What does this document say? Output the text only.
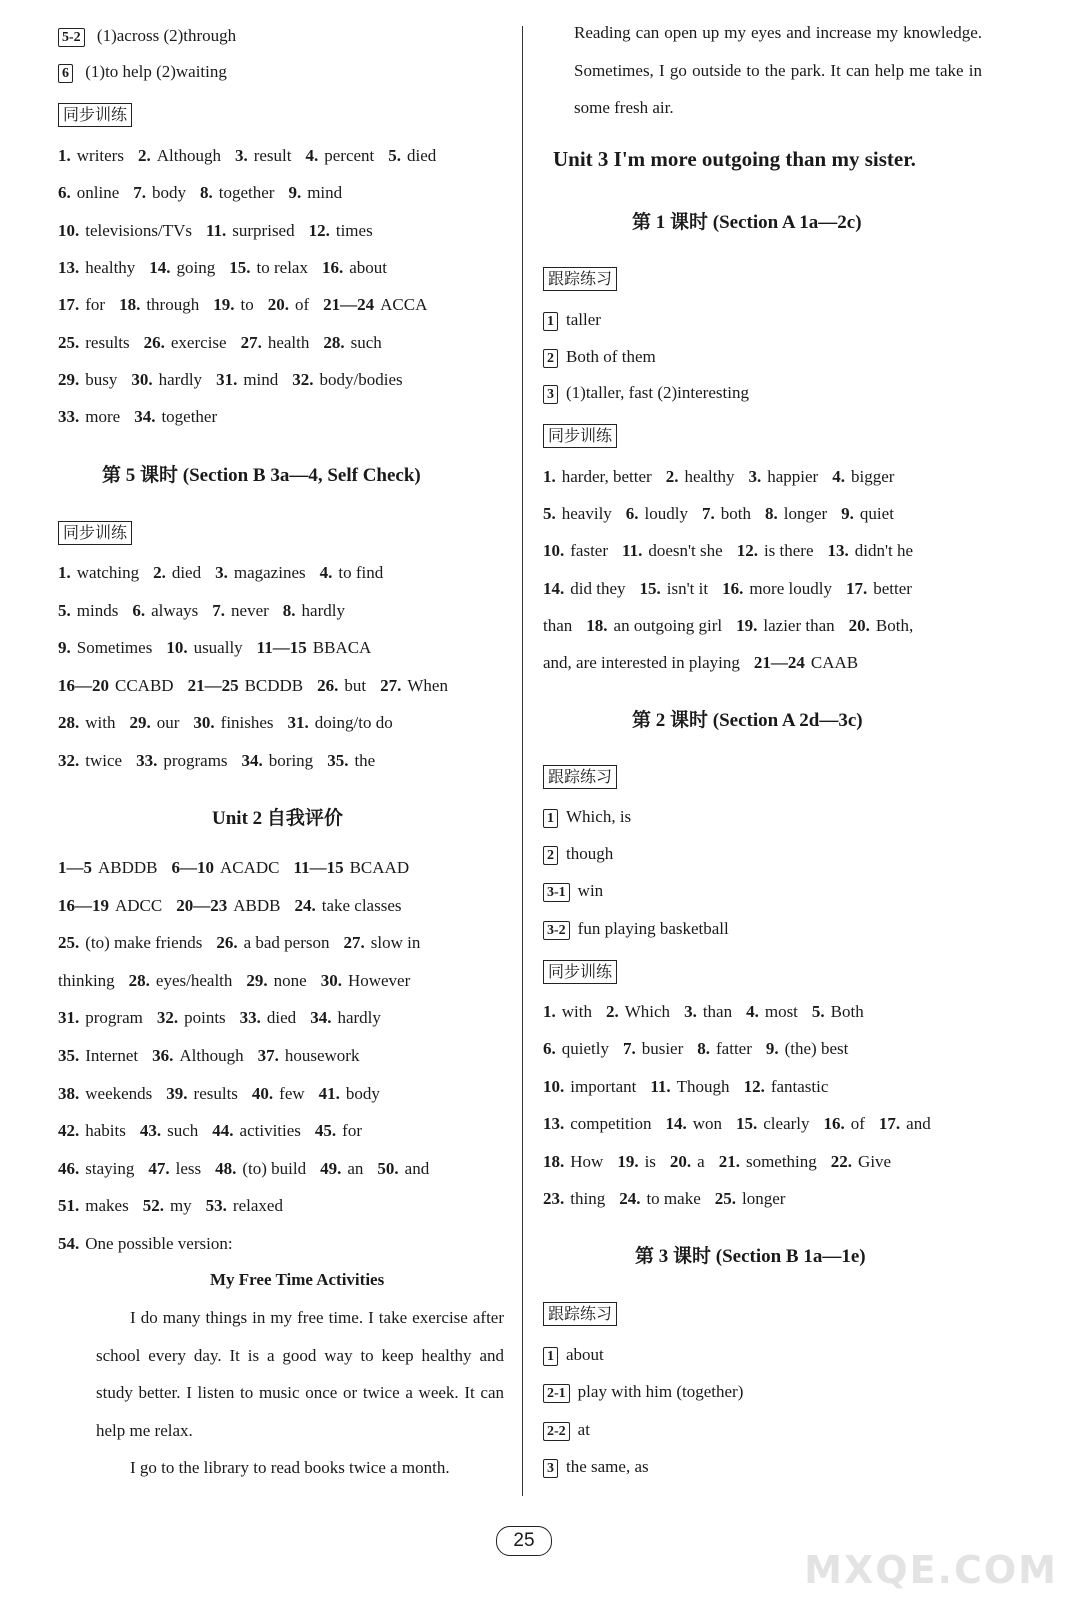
5-2 (1)across (2)through
6 (1)to help (2)waiting
同步训练
1. writers 2. Although 3. result 4. percent 5. died
6. online 7. body 8. together 9. mind
10. televisions/TVs 11. surprised 12. times
13. healthy 14. going 15. to relax 16. about
17. for 18. through 19. to 20. of 21—24 ACCA
25. results 26. exercise 27. health 28. such
29. busy 30. hardly 31. mind 32. body/bodies
33. more 34. together
第 5 课时 (Section B 3a—4, Self Check)
同步训练
1. watching 2. died 3. magazines 4. to find
5. minds 6. always 7. never 8. hardly
9. Sometimes 10. usually 11—15 BBACA
16—20 CCABD 21—25 BCDDB 26. but 27. When
28. with 29. our 30. finishes 31. doing/to do
32. twice 33. programs 34. boring 35. the
Unit 2 自我评价
1—5 ABDDB 6—10 ACADC 11—15 BCAAD
16—19 ADCC 20—23 ABDB 24. take classes
25. (to) make friends 26. a bad person 27. slow in
thinking 28. eyes/health 29. none 30. However
31. program 32. points 33. died 34. hardly
35. Internet 36. Although 37. housework
38. weekends 39. results 40. few 41. body
42. habits 43. such 44. activities 45. for
46. staying 47. less 48. (to) build 49. an 50. and
51. makes 52. my 53. relaxed
54. One possible version:
My Free Time Activities
I do many things in my free time. I take exercise after school every day. It is a good way to keep healthy and study better. I listen to music once or twice a week. It can help me relax.
I go to the library to read books twice a month.
Reading can open up my eyes and increase my knowledge. Sometimes, I go outside to the park. It can help me take in some fresh air.
Unit 3 I'm more outgoing than my sister.
第 1 课时 (Section A 1a—2c)
跟踪练习
1 taller
2 Both of them
3 (1)taller, fast (2)interesting
同步训练
1. harder, better 2. healthy 3. happier 4. bigger
5. heavily 6. loudly 7. both 8. longer 9. quiet
10. faster 11. doesn't she 12. is there 13. didn't he
14. did they 15. isn't it 16. more loudly 17. better
than 18. an outgoing girl 19. lazier than 20. Both,
and, are interested in playing 21—24 CAAB
第 2 课时 (Section A 2d—3c)
跟踪练习
1 Which, is
2 though
3-1 win
3-2 fun playing basketball
同步训练
1. with 2. Which 3. than 4. most 5. Both
6. quietly 7. busier 8. fatter 9. (the) best
10. important 11. Though 12. fantastic
13. competition 14. won 15. clearly 16. of 17. and
18. How 19. is 20. a 21. something 22. Give
23. thing 24. to make 25. longer
第 3 课时 (Section B 1a—1e)
跟踪练习
1 about
2-1 play with him (together)
2-2 at
3 the same, as
25
MXQE.COM
